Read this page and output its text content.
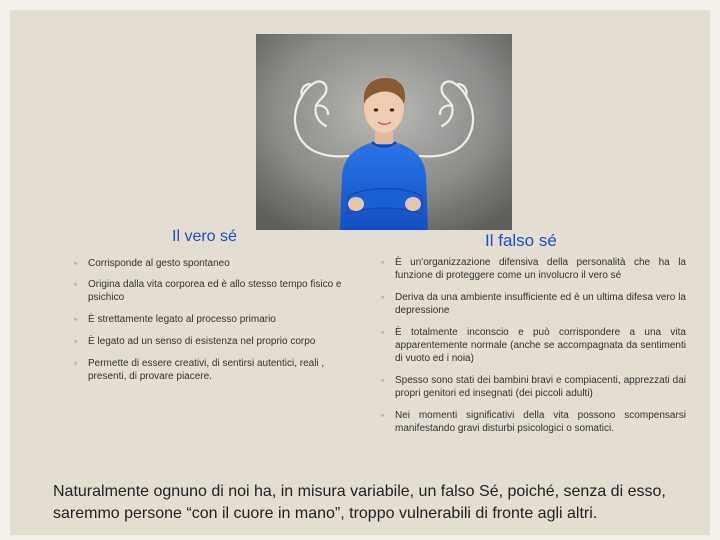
Il vero sé	Il falso sé
◦ Corrisponde al gesto spontaneo
◦ Origina dalla vita corporea ed è allo stesso tempo fisico e psichico
◦ È strettamente legato al processo primario
◦ È legato ad un senso di esistenza nel proprio corpo
◦ Permette di essere creativi, di sentirsi autentici, reali , presenti, di provare piacere.
◦ È un'organizzazione difensiva della personalità che ha la funzione di proteggere come un involucro il vero sé
◦ Deriva da una ambiente insufficiente ed è un ultima difesa vero la depressione
◦ È totalmente inconscio e può corrispondere a una vita apparentemente normale (anche se accompagnata da sentimenti di vuoto ed i noia)
◦ Spesso sono stati dei bambini bravi e compiacenti, apprezzati dai propri genitori ed insegnati (dei piccoli adulti)
◦ Nei momenti significativi della vita possono scompensarsi manifestando gravi disturbi psicologici o somatici.
Naturalmente ognuno di noi ha, in misura variabile, un falso Sé, poiché, senza di esso, saremmo persone “con il cuore in mano”, troppo vulnerabili di fronte agli altri.
